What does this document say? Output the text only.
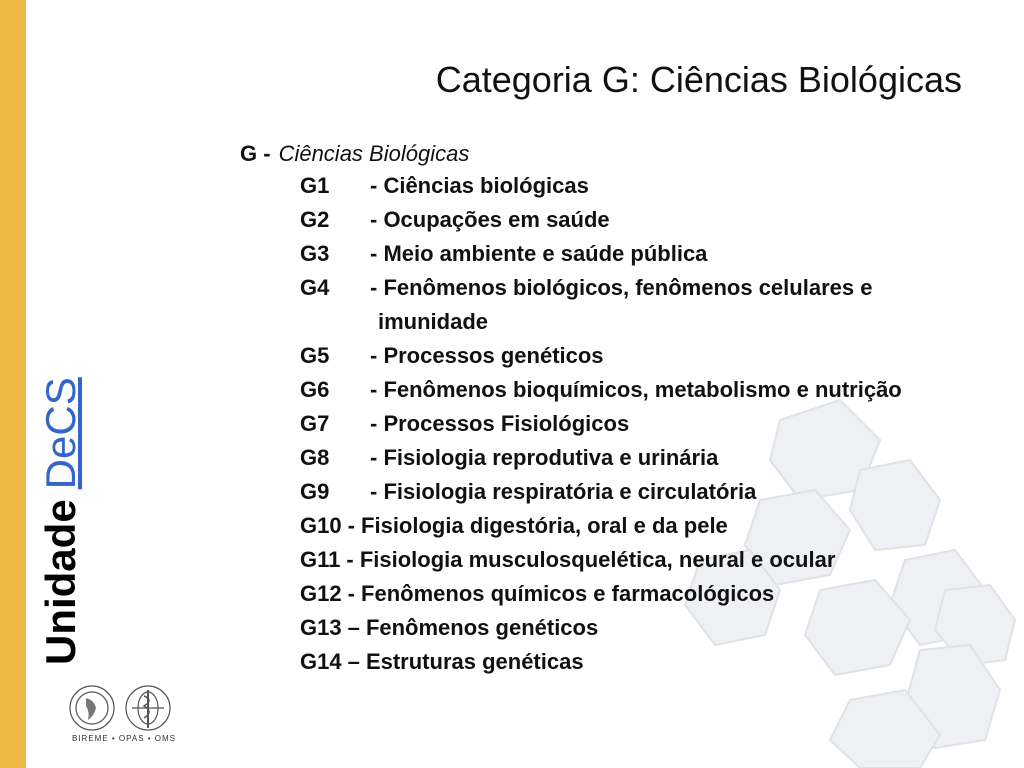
Categoria G: Ciências Biológicas
G - Ciências Biológicas
G1 - Ciências biológicas
G2 - Ocupações em saúde
G3 - Meio ambiente e saúde pública
G4 - Fenômenos biológicos, fenômenos celulares e
imunidade
G5 - Processos genéticos
G6 - Fenômenos bioquímicos, metabolismo e nutrição
G7 - Processos Fisiológicos
G8 - Fisiologia reprodutiva e urinária
G9 - Fisiologia respiratória e circulatória
G10 - Fisiologia digestória, oral e da pele
G11 - Fisiologia musculosquelética, neural e ocular
G12 - Fenômenos químicos e farmacológicos
G13 – Fenômenos genéticos
G14 – Estruturas genéticas
UnidadeDeCS
BIREME • OPAS • OMS
